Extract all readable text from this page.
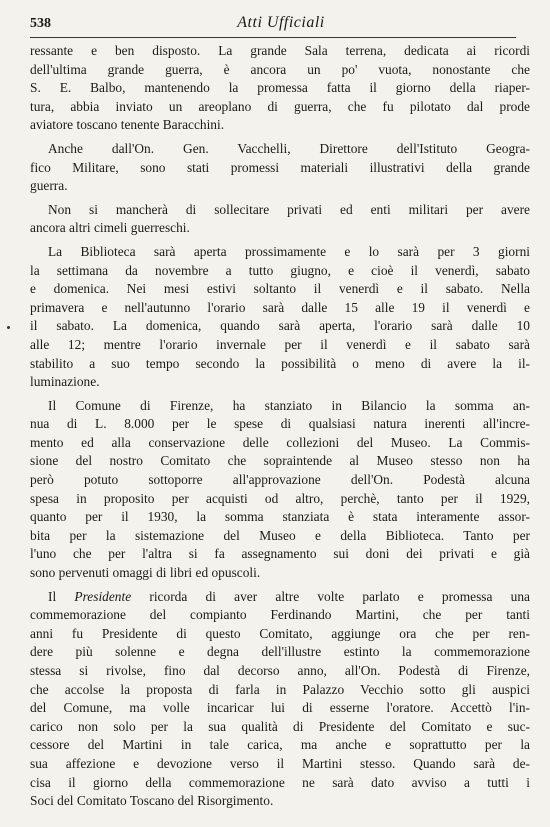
538	Atti Ufficiali
ressante e ben disposto. La grande Sala terrena, dedicata ai ricordi
dell'ultima grande guerra, è ancora un po' vuota, nonostante che
S. E. Balbo, mantenendo la promessa fatta il giorno della riaper-
tura, abbia inviato un areoplano di guerra, che fu pilotato dal prode
aviatore toscano tenente Baracchini.
Anche dall'On. Gen. Vacchelli, Direttore dell'Istituto Geogra-
fico Militare, sono stati promessi materiali illustrativi della grande
guerra.
Non si mancherà di sollecitare privati ed enti militari per avere
ancora altri cimeli guerreschi.
La Biblioteca sarà aperta prossimamente e lo sarà per 3 giorni
la settimana da novembre a tutto giugno, e cioè il venerdì, sabato
e domenica. Nei mesi estivi soltanto il venerdì e il sabato. Nella
primavera e nell'autunno l'orario sarà dalle 15 alle 19 il venerdì e
il sabato. La domenica, quando sarà aperta, l'orario sarà dalle 10
alle 12; mentre l'orario invernale per il venerdì e il sabato sarà
stabilito a suo tempo secondo la possibilità o meno di avere la il-
luminazione.
Il Comune di Firenze, ha stanziato in Bilancio la somma an-
nua di L. 8.000 per le spese di qualsiasi natura inerenti all'incre-
mento ed alla conservazione delle collezioni del Museo. La Commis-
sione del nostro Comitato che sopraintende al Museo stesso non ha
però potuto sottoporre all'approvazione dell'On. Podestà alcuna
spesa in proposito per acquisti od altro, perchè, tanto per il 1929,
quanto per il 1930, la somma stanziata è stata interamente assor-
bita per la sistemazione del Museo e della Biblioteca. Tanto per
l'uno che per l'altra si fa assegnamento sui doni dei privati e già
sono pervenuti omaggi di libri ed opuscoli.
Il Presidente ricorda di aver altre volte parlato e promessa una
commemorazione del compianto Ferdinando Martini, che per tanti
anni fu Presidente di questo Comitato, aggiunge ora che per ren-
dere più solenne e degna dell'illustre estinto la commemorazione
stessa si rivolse, fino dal decorso anno, all'On. Podestà di Firenze,
che accolse la proposta di farla in Palazzo Vecchio sotto gli auspici
del Comune, ma volle incaricar lui di esserne l'oratore. Accettò l'in-
carico non solo per la sua qualità di Presidente del Comitato e suc-
cessore del Martini in tale carica, ma anche e soprattutto per la
sua affezione e devozione verso il Martini stesso. Quando sarà de-
cisa il giorno della commemorazione ne sarà dato avviso a tutti i
Soci del Comitato Toscano del Risorgimento.
